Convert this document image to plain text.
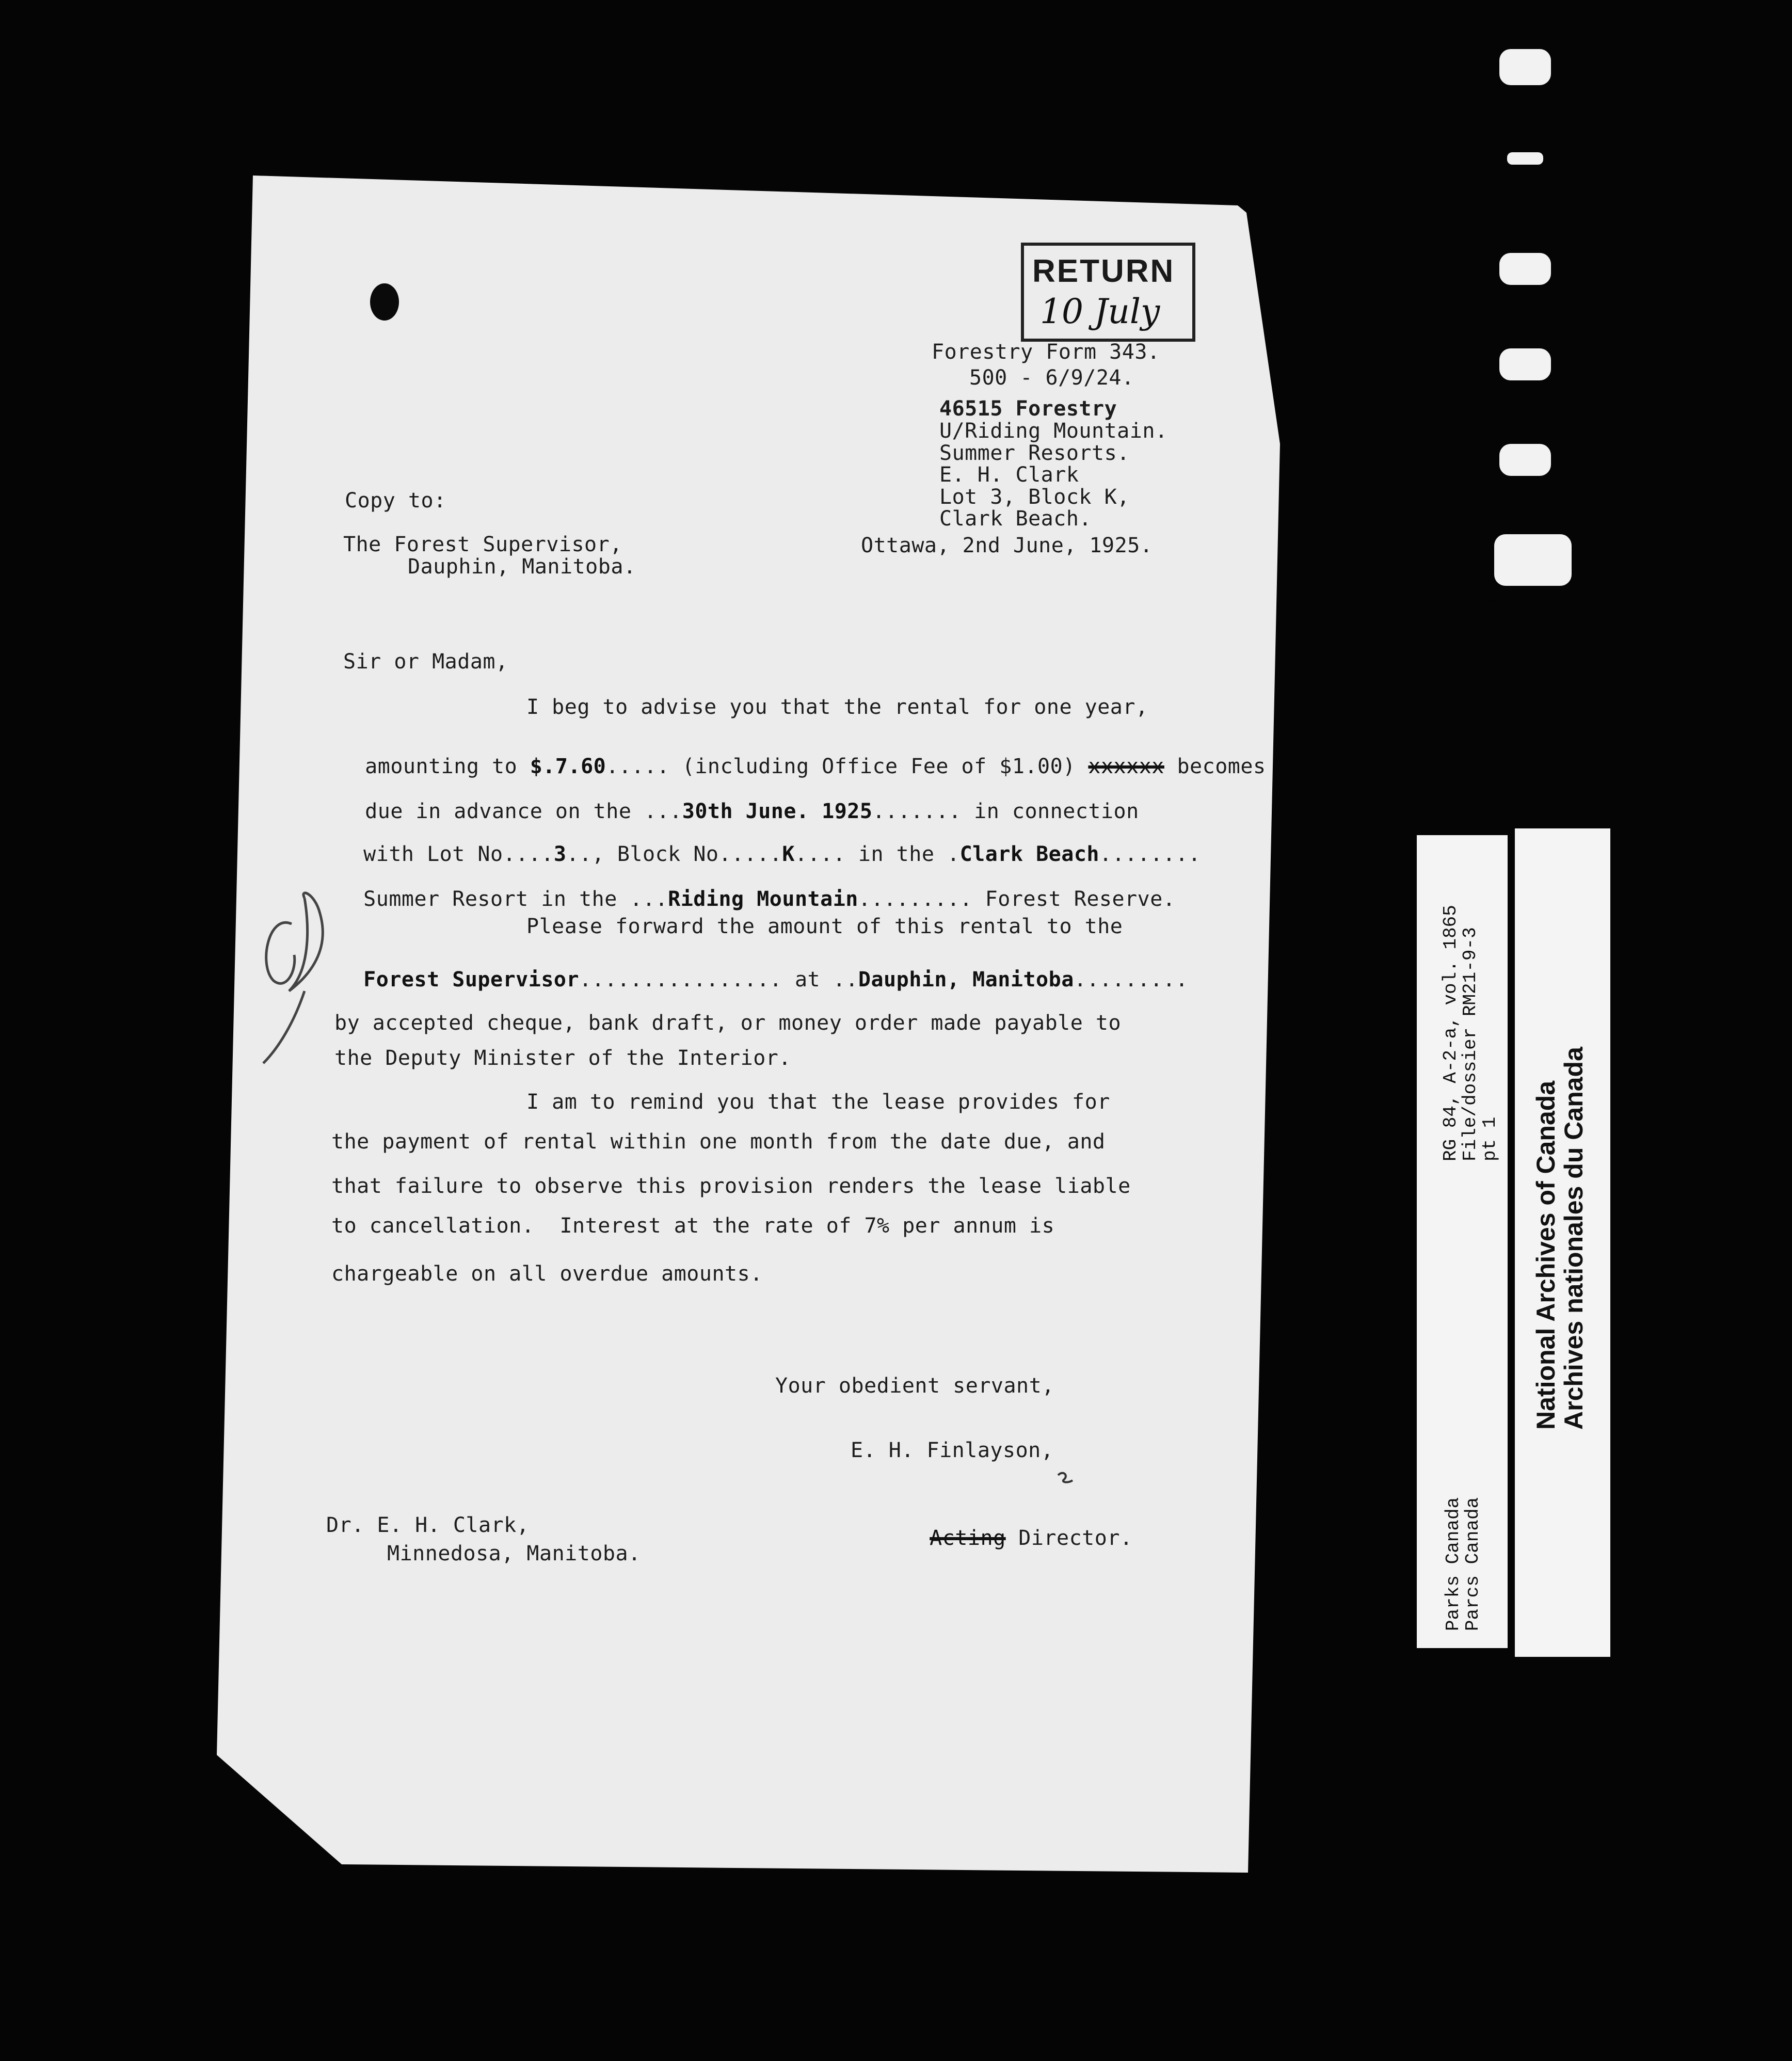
0001-9
RG 84, A-2-a, vol. 1865
File/dossier RM21-9-3
pt 1
Parks Canada
Parcs Canada
National Archives of Canada
Archives nationales du Canada
RETURN
10 July
Forestry Form 343.
500 - 6/9/24.
46515 Forestry
U/Riding Mountain.
Summer Resorts.
E. H. Clark
Lot 3, Block K,
Clark Beach.
Copy to:
The Forest Supervisor,
Dauphin, Manitoba.
Ottawa, 2nd June, 1925.
Sir or Madam,
I beg to advise you that the rental for one year,

amounting to $.7.60..... (including Office Fee of $1.00) xxxxxx becomes

due in advance on the ...30th June. 1925....... in connection

with Lot No....3.., Block No.....K.... in the .Clark Beach........

Summer Resort in the ...Riding Mountain......... Forest Reserve.

Please forward the amount of this rental to the

Forest Supervisor................ at ..Dauphin, Manitoba.........

by accepted cheque, bank draft, or money order made payable to
the Deputy Minister of the Interior.
I am to remind you that the lease provides for
the payment of rental within one month from the date due, and
that failure to observe this provision renders the lease liable
to cancellation.  Interest at the rate of 7% per annum is
chargeable on all overdue amounts.
Your obedient servant,
E. H. Finlayson,

Acting Director.

Dr. E. H. Clark,
Minnedosa, Manitoba.
